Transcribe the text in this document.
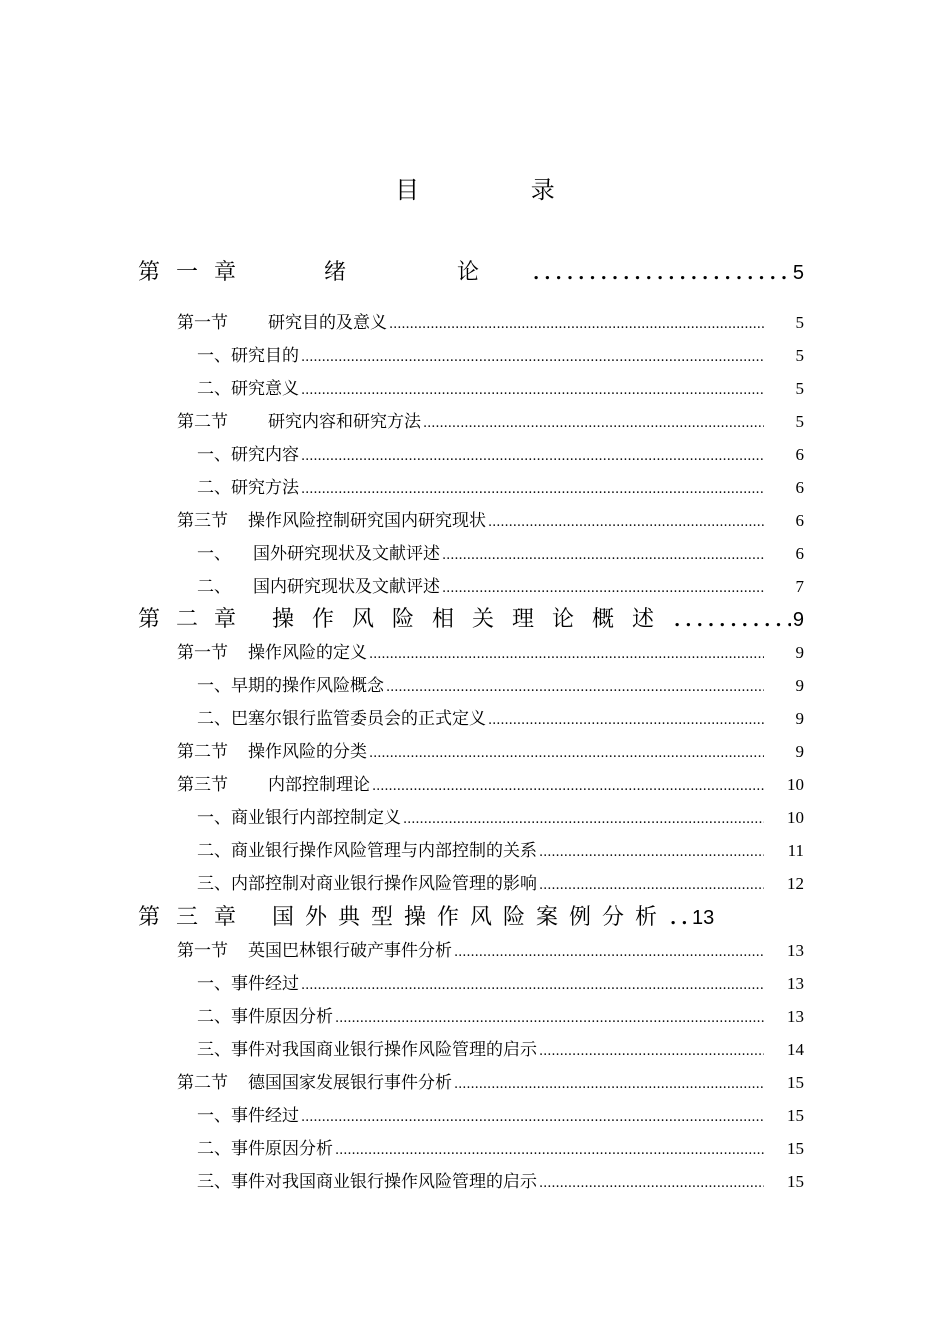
目 录
第一章	绪 论 .....	5
第一节 研究目的及意义 .....	5
一、研究目的 .....	5
二、研究意义 .....	5
第二节 研究内容和研究方法 .....	5
一、研究内容 .....	6
二、研究方法 .....	6
第三节 操作风险控制研究国内研究现状 .....	6
一、 国外研究现状及文献评述 .....	6
二、 国内研究现状及文献评述 .....	7
第二章 操作风险相关理论概述 .....	9
第一节 操作风险的定义 .....	9
一、早期的操作风险概念 .....	9
二、巴塞尔银行监管委员会的正式定义 .....	9
第二节 操作风险的分类 .....	9
第三节 内部控制理论 .....	10
一、商业银行内部控制定义 .....	10
二、商业银行操作风险管理与内部控制的关系 .....	11
三、内部控制对商业银行操作风险管理的影响 .....	12
第三章 国外典型操作风险案例分析 ..... 13
第一节 英国巴林银行破产事件分析 .....	13
一、事件经过 .....	13
二、事件原因分析 .....	13
三、事件对我国商业银行操作风险管理的启示 .....	14
第二节 德国国家发展银行事件分析 .....	15
一、事件经过 .....	15
二、事件原因分析 .....	15
三、事件对我国商业银行操作风险管理的启示 .....	15
